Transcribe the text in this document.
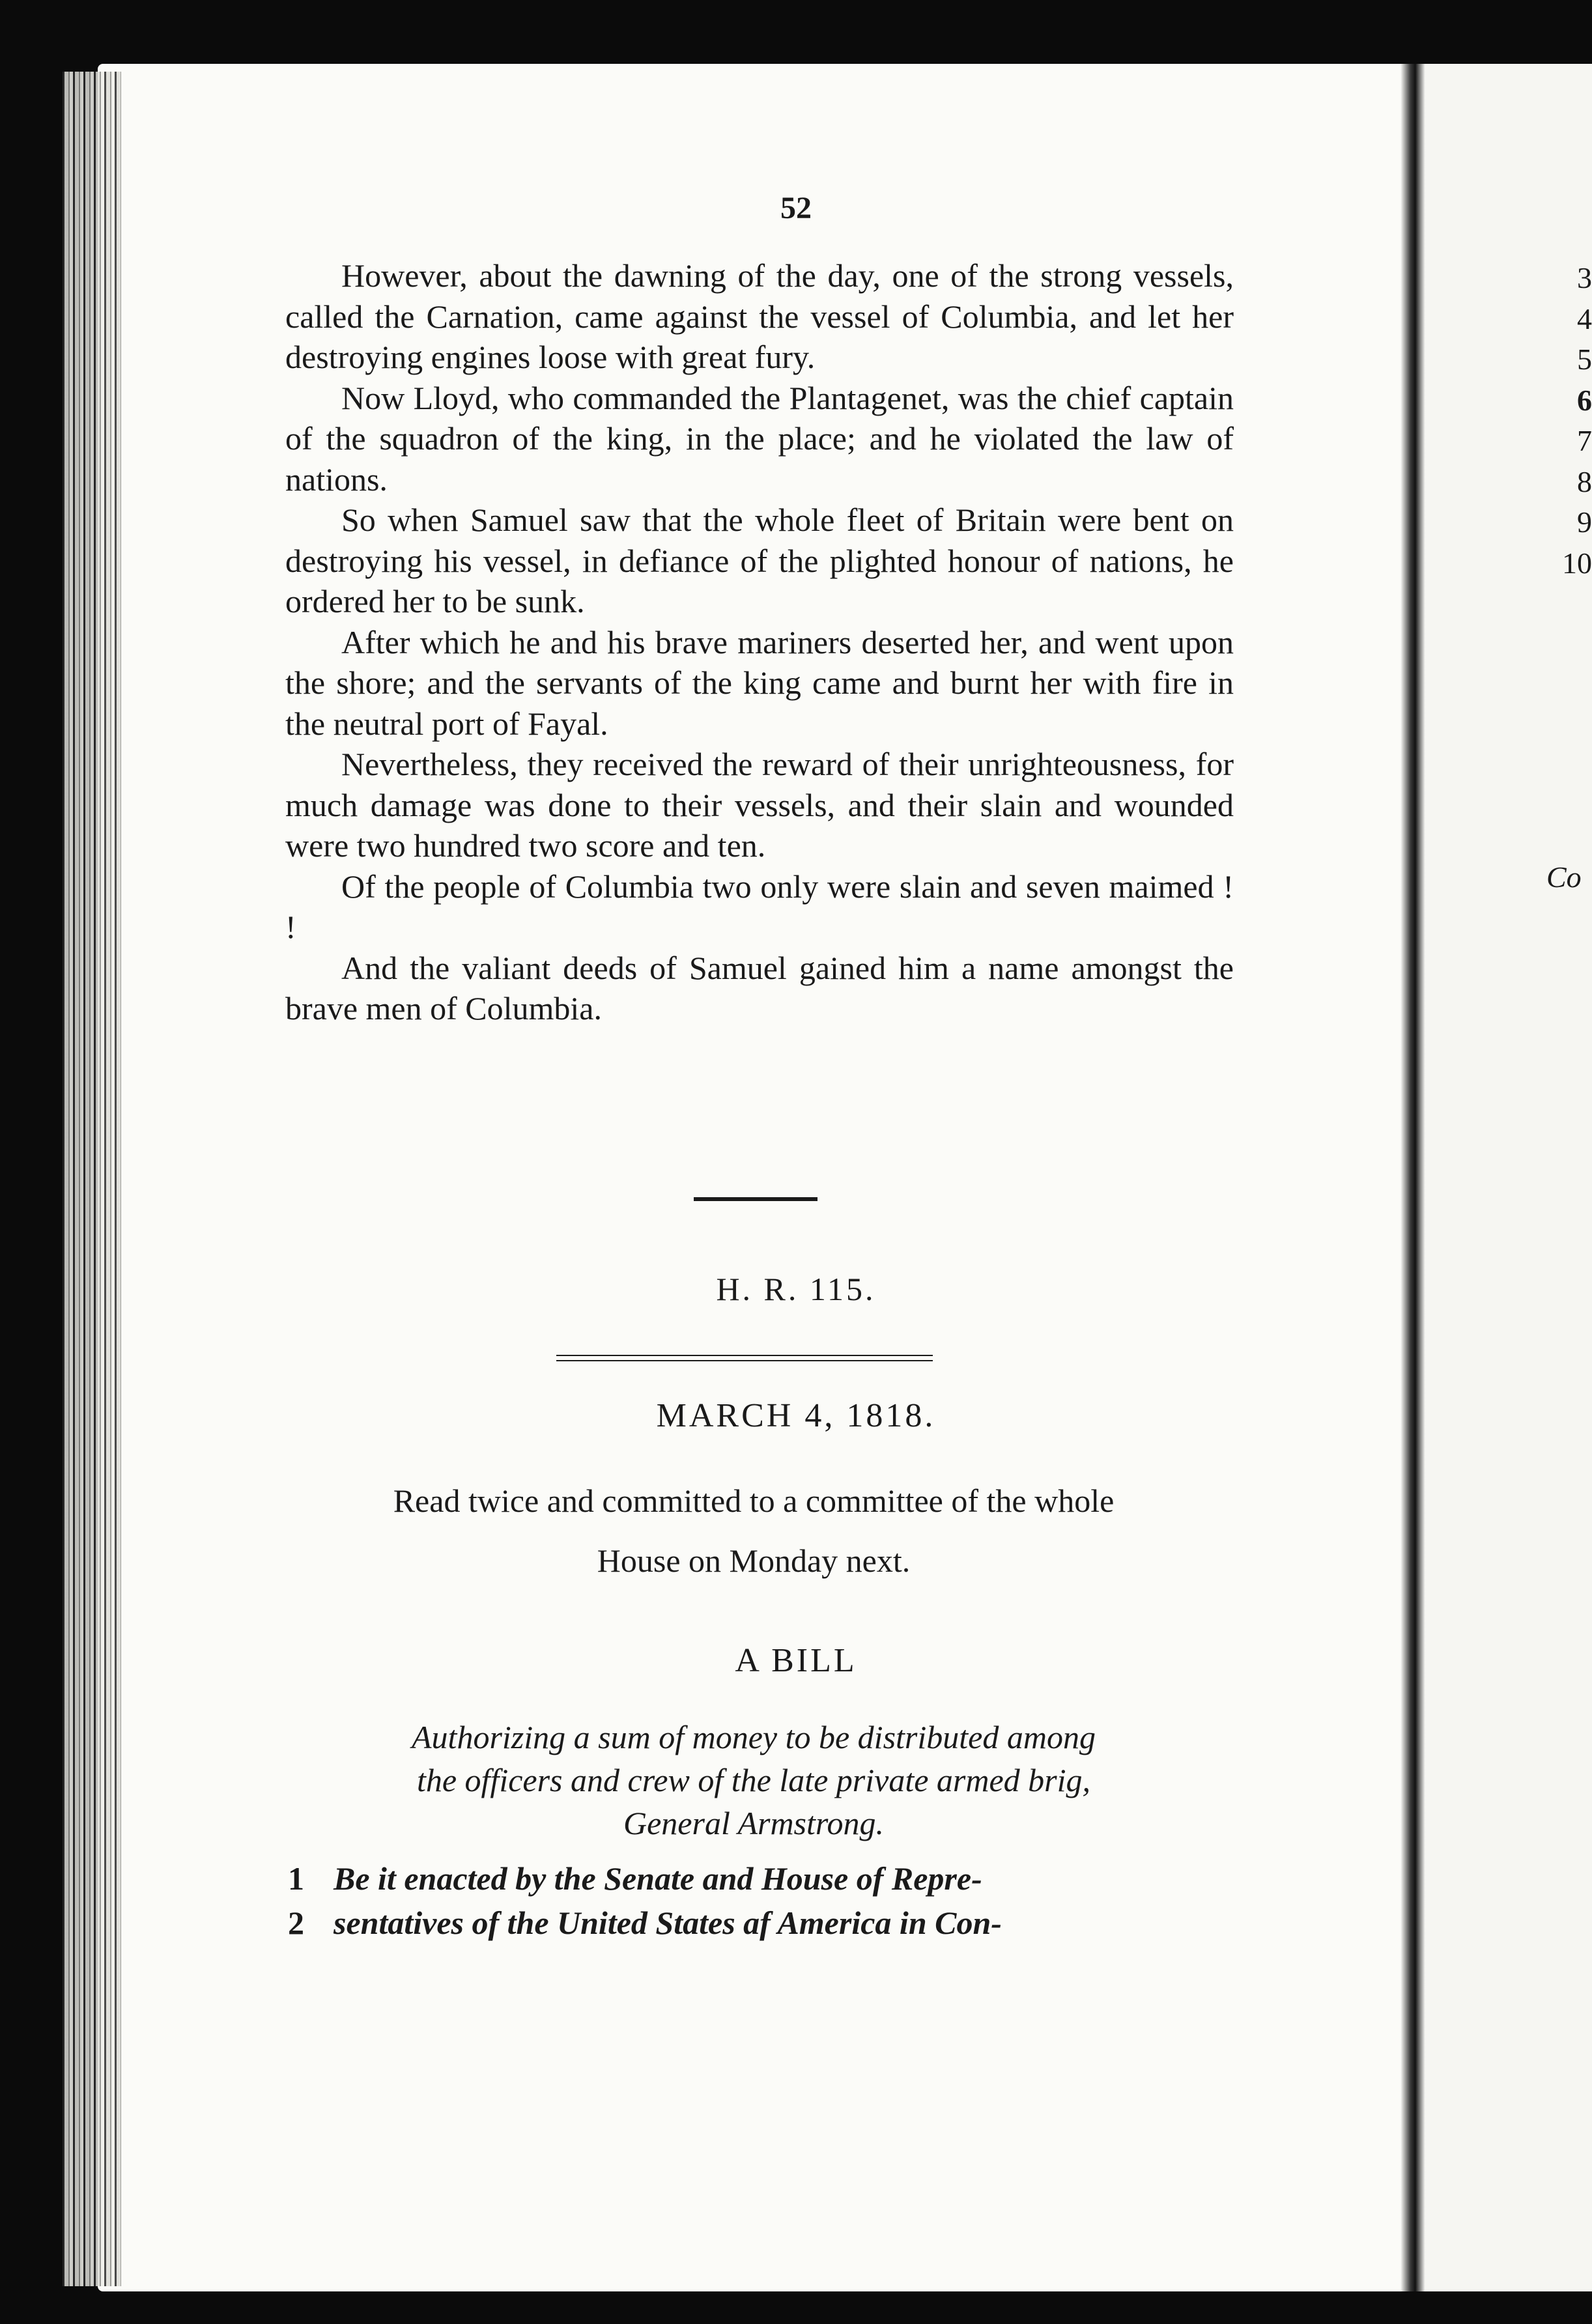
52

However, about the dawning of the day, one of the strong vessels, called the Carnation, came against the vessel of Columbia, and let her destroying engines loose with great fury.

Now Lloyd, who commanded the Plantagenet, was the chief captain of the squadron of the king, in the place; and he violated the law of nations.

So when Samuel saw that the whole fleet of Britain were bent on destroying his vessel, in defiance of the plighted honour of nations, he ordered her to be sunk.

After which he and his brave mariners deserted her, and went upon the shore; and the servants of the king came and burnt her with fire in the neutral port of Fayal.

Nevertheless, they received the reward of their unrighteousness, for much damage was done to their vessels, and their slain and wounded were two hundred two score and ten.

Of the people of Columbia two only were slain and seven maimed ! !

And the valiant deeds of Samuel gained him a name amongst the brave men of Columbia.

H. R. 115.
MARCH 4, 1818.
Read twice and committed to a committee of the whole
House on Monday next.
A BILL
Authorizing a sum of money to be distributed among
the officers and crew of the late private armed brig,
General Armstrong.
1 Be it enacted by the Senate and House of Repre-
2 sentatives of the United States af America in Con-
3
4
5
6
7
8
9
10
Co
